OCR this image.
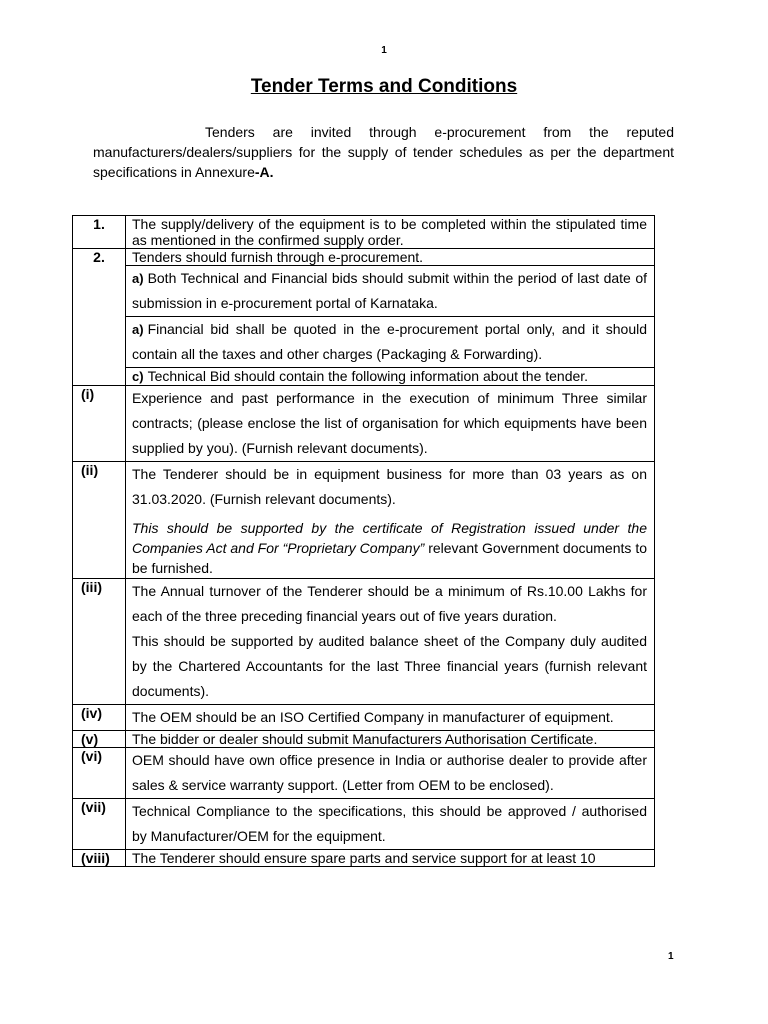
1
Tender Terms and Conditions
Tenders are invited through e-procurement from the reputed manufacturers/dealers/suppliers for the supply of tender schedules as per the department specifications in Annexure-A.
1.	The supply/delivery of the equipment is to be completed within the stipulated time as mentioned in the confirmed supply order.
2.	Tenders should furnish through e-procurement.
	a) Both Technical and Financial bids should submit within the period of last date of submission in e-procurement portal of Karnataka.
	a) Financial bid shall be quoted in the e-procurement portal only, and it should contain all the taxes and other charges (Packaging & Forwarding).
	c) Technical Bid should contain the following information about the tender.
(i)	Experience and past performance in the execution of minimum Three similar contracts; (please enclose the list of organisation for which equipments have been supplied by you). (Furnish relevant documents).
(ii)	The Tenderer should be in equipment business for more than 03 years as on 31.03.2020. (Furnish relevant documents).
This should be supported by the certificate of Registration issued under the Companies Act and For “Proprietary Company” relevant Government documents to be furnished.

(iii)	The Annual turnover of the Tenderer should be a minimum of Rs.10.00 Lakhs for each of the three preceding financial years out of five years duration.
This should be supported by audited balance sheet of the Company duly audited by the Chartered Accountants for the last Three financial years (furnish relevant documents).

(iv)	The OEM should be an ISO Certified Company in manufacturer of equipment.
(v)	The bidder or dealer should submit Manufacturers Authorisation Certificate.
(vi)	OEM should have own office presence in India or authorise dealer to provide after sales & service warranty support. (Letter from OEM to be enclosed).
(vii)	Technical Compliance to the specifications, this should be approved / authorised by Manufacturer/OEM for the equipment.
(viii)	The Tenderer should ensure spare parts and service support for at least 10
1
